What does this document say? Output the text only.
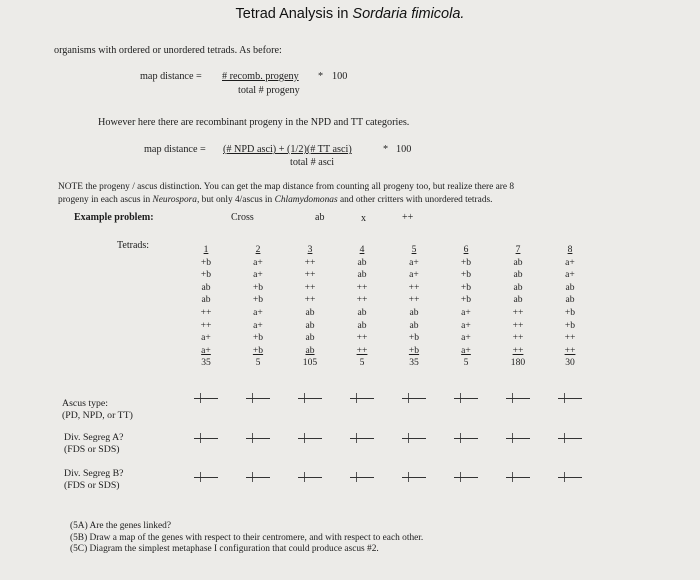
Tetrad Analysis in Sordaria fimicola.
organisms with ordered or unordered tetrads. As before:
map distance = # recomb. progeny * 100
total # progeny
However here there are recombinant progeny in the NPD and TT categories.
map distance = (# NPD asci) + (1/2)(# TT asci)	* 100
total # asci
NOTE the progeny / ascus distinction. You can get the map distance from counting all progeny too, but realize there are 8
progeny in each ascus in Neurospora, but only 4/ascus in Chlamydomonas and other critters with unordered tetrads.
Example problem:	Cross	ab	x	++
Tetrads:	1	2	3	4	5	6	7	8
+b	a+	++	ab	a+	+b	ab	a+
+b	a+	++	ab	a+	+b	ab	a+
ab	+b	++	++	++	+b	ab	ab
ab	+b	++	++	++	+b	ab	ab
++	a+	ab	ab	ab	a+	++	+b
++	a+	ab	ab	ab	a+	++	+b
a+	+b	ab	++	+b	a+	++	++
a+	+b	ab	++	+b	a+	++	++
35	5	105	5	35	5	180	30
Ascus type:
(PD, NPD, or TT)
Div. Segreg A?
(FDS or SDS)
Div. Segreg B?
(FDS or SDS)
(5A) Are the genes linked?
(5B) Draw a map of the genes with respect to their centromere, and with respect to each other.
(5C) Diagram the simplest metaphase I configuration that could produce ascus #2.
